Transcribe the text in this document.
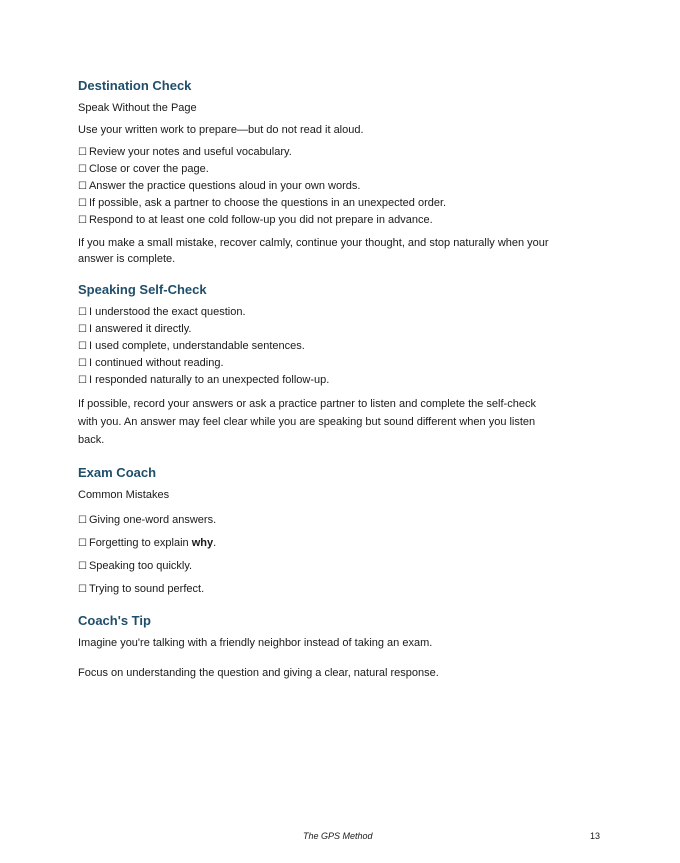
Destination Check

Speak Without the Page

Use your written work to prepare—but do not read it aloud.

☐ Review your notes and useful vocabulary.
☐ Close or cover the page.
☐ Answer the practice questions aloud in your own words.
☐ If possible, ask a partner to choose the questions in an unexpected order.
☐ Respond to at least one cold follow-up you did not prepare in advance.

If you make a small mistake, recover calmly, continue your thought, and stop naturally when your

answer is complete.

Speaking Self-Check
☐ I understood the exact question.
☐ I answered it directly.
☐ I used complete, understandable sentences.
☐ I continued without reading.
☐ I responded naturally to an unexpected follow-up.

If possible, record your answers or ask a practice partner to listen and complete the self-check

with you. An answer may feel clear while you are speaking but sound different when you listen

back.

Exam Coach

Common Mistakes

☐ Giving one-word answers.
☐ Forgetting to explain why.
☐ Speaking too quickly.
☐ Trying to sound perfect.
Coach's Tip

Imagine you're talking with a friendly neighbor instead of taking an exam.

Focus on understanding the question and giving a clear, natural response.

The GPS Method	13
